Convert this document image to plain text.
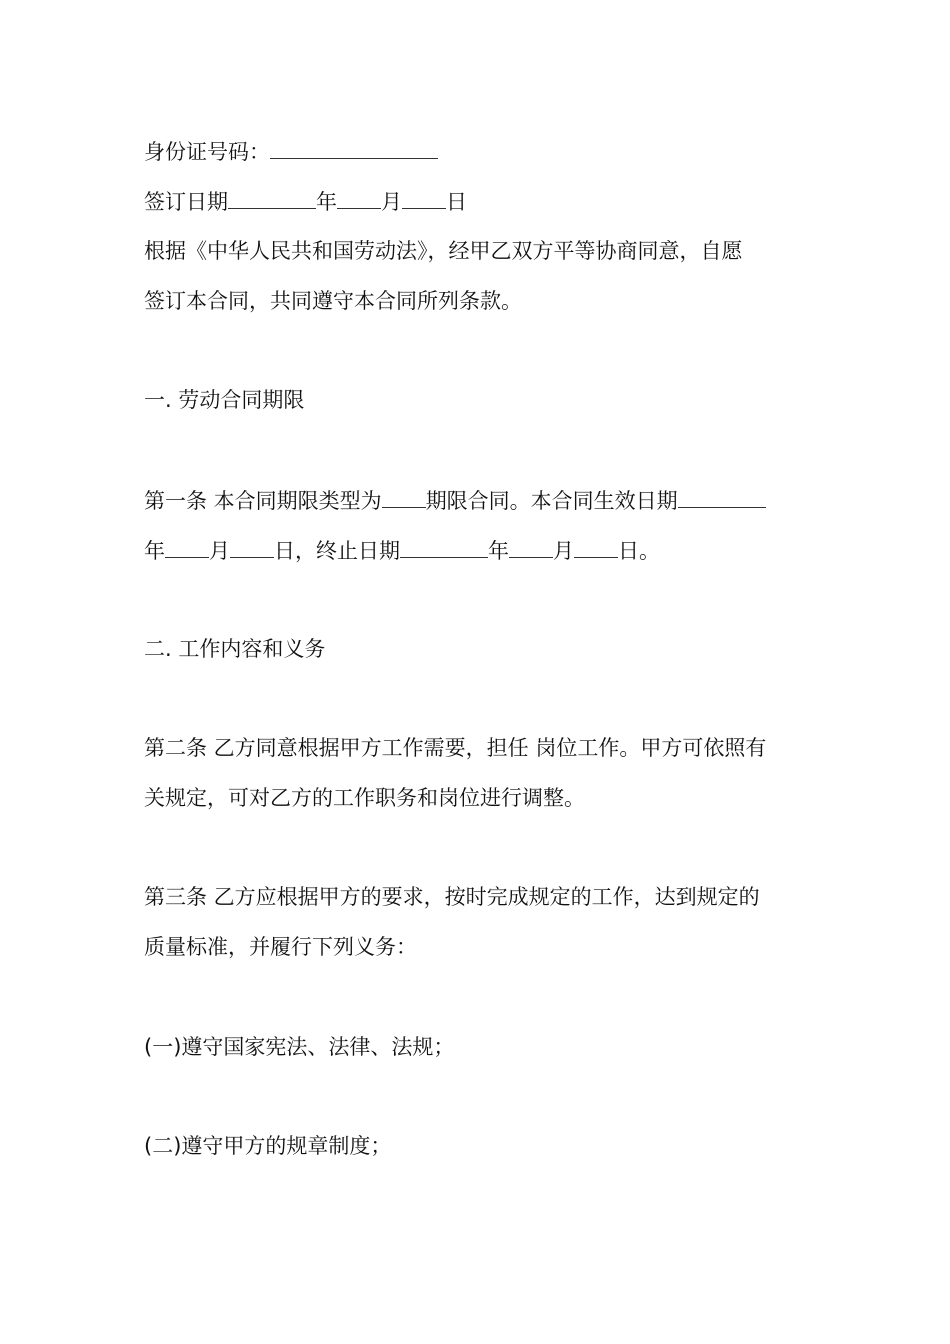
身份证号码：
签订日期	年 月 日
根据《中华人民共和国劳动法》，经甲乙双方平等协商同意，自愿
签订本合同，共同遵守本合同所列条款。
一. 劳动合同期限
第一条 本合同期限类型为 期限合同。本合同生效日期
年 月 日，终止日期	年 月 日。
二. 工作内容和义务
第二条 乙方同意根据甲方工作需要，担任 岗位工作。甲方可依照有
关规定，可对乙方的工作职务和岗位进行调整。
第三条 乙方应根据甲方的要求，按时完成规定的工作，达到规定的
质量标准，并履行下列义务：
(一)遵守国家宪法、法律、法规；
(二)遵守甲方的规章制度；
